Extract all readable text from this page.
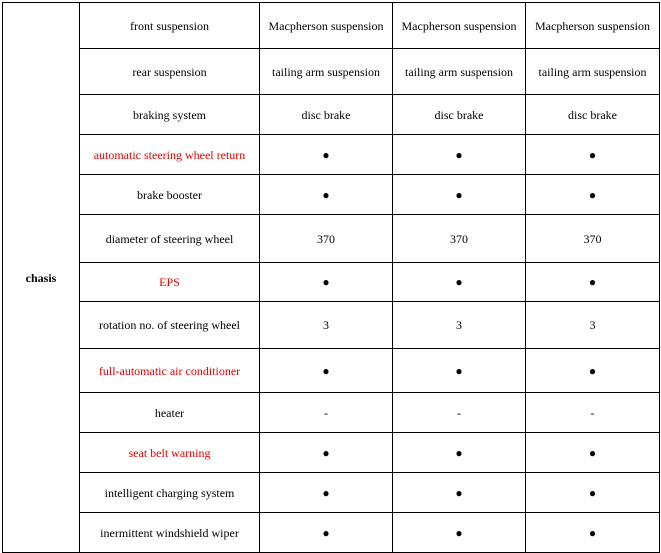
chasis	front suspension	Macpherson suspension	Macpherson suspension	Macpherson suspension
	rear suspension	tailing arm suspension	tailing arm suspension	tailing arm suspension
	braking system	disc brake	disc brake	disc brake
	automatic steering wheel return	●	●	●
	brake booster	●	●	●
	diameter of steering wheel	370	370	370
	EPS	●	●	●
	rotation no. of steering wheel	3	3	3
	full-automatic air conditioner	●	●	●
	heater	-	-	-
	seat belt warning	●	●	●
	intelligent charging system	●	●	●
	inermittent windshield wiper	●	●	●
